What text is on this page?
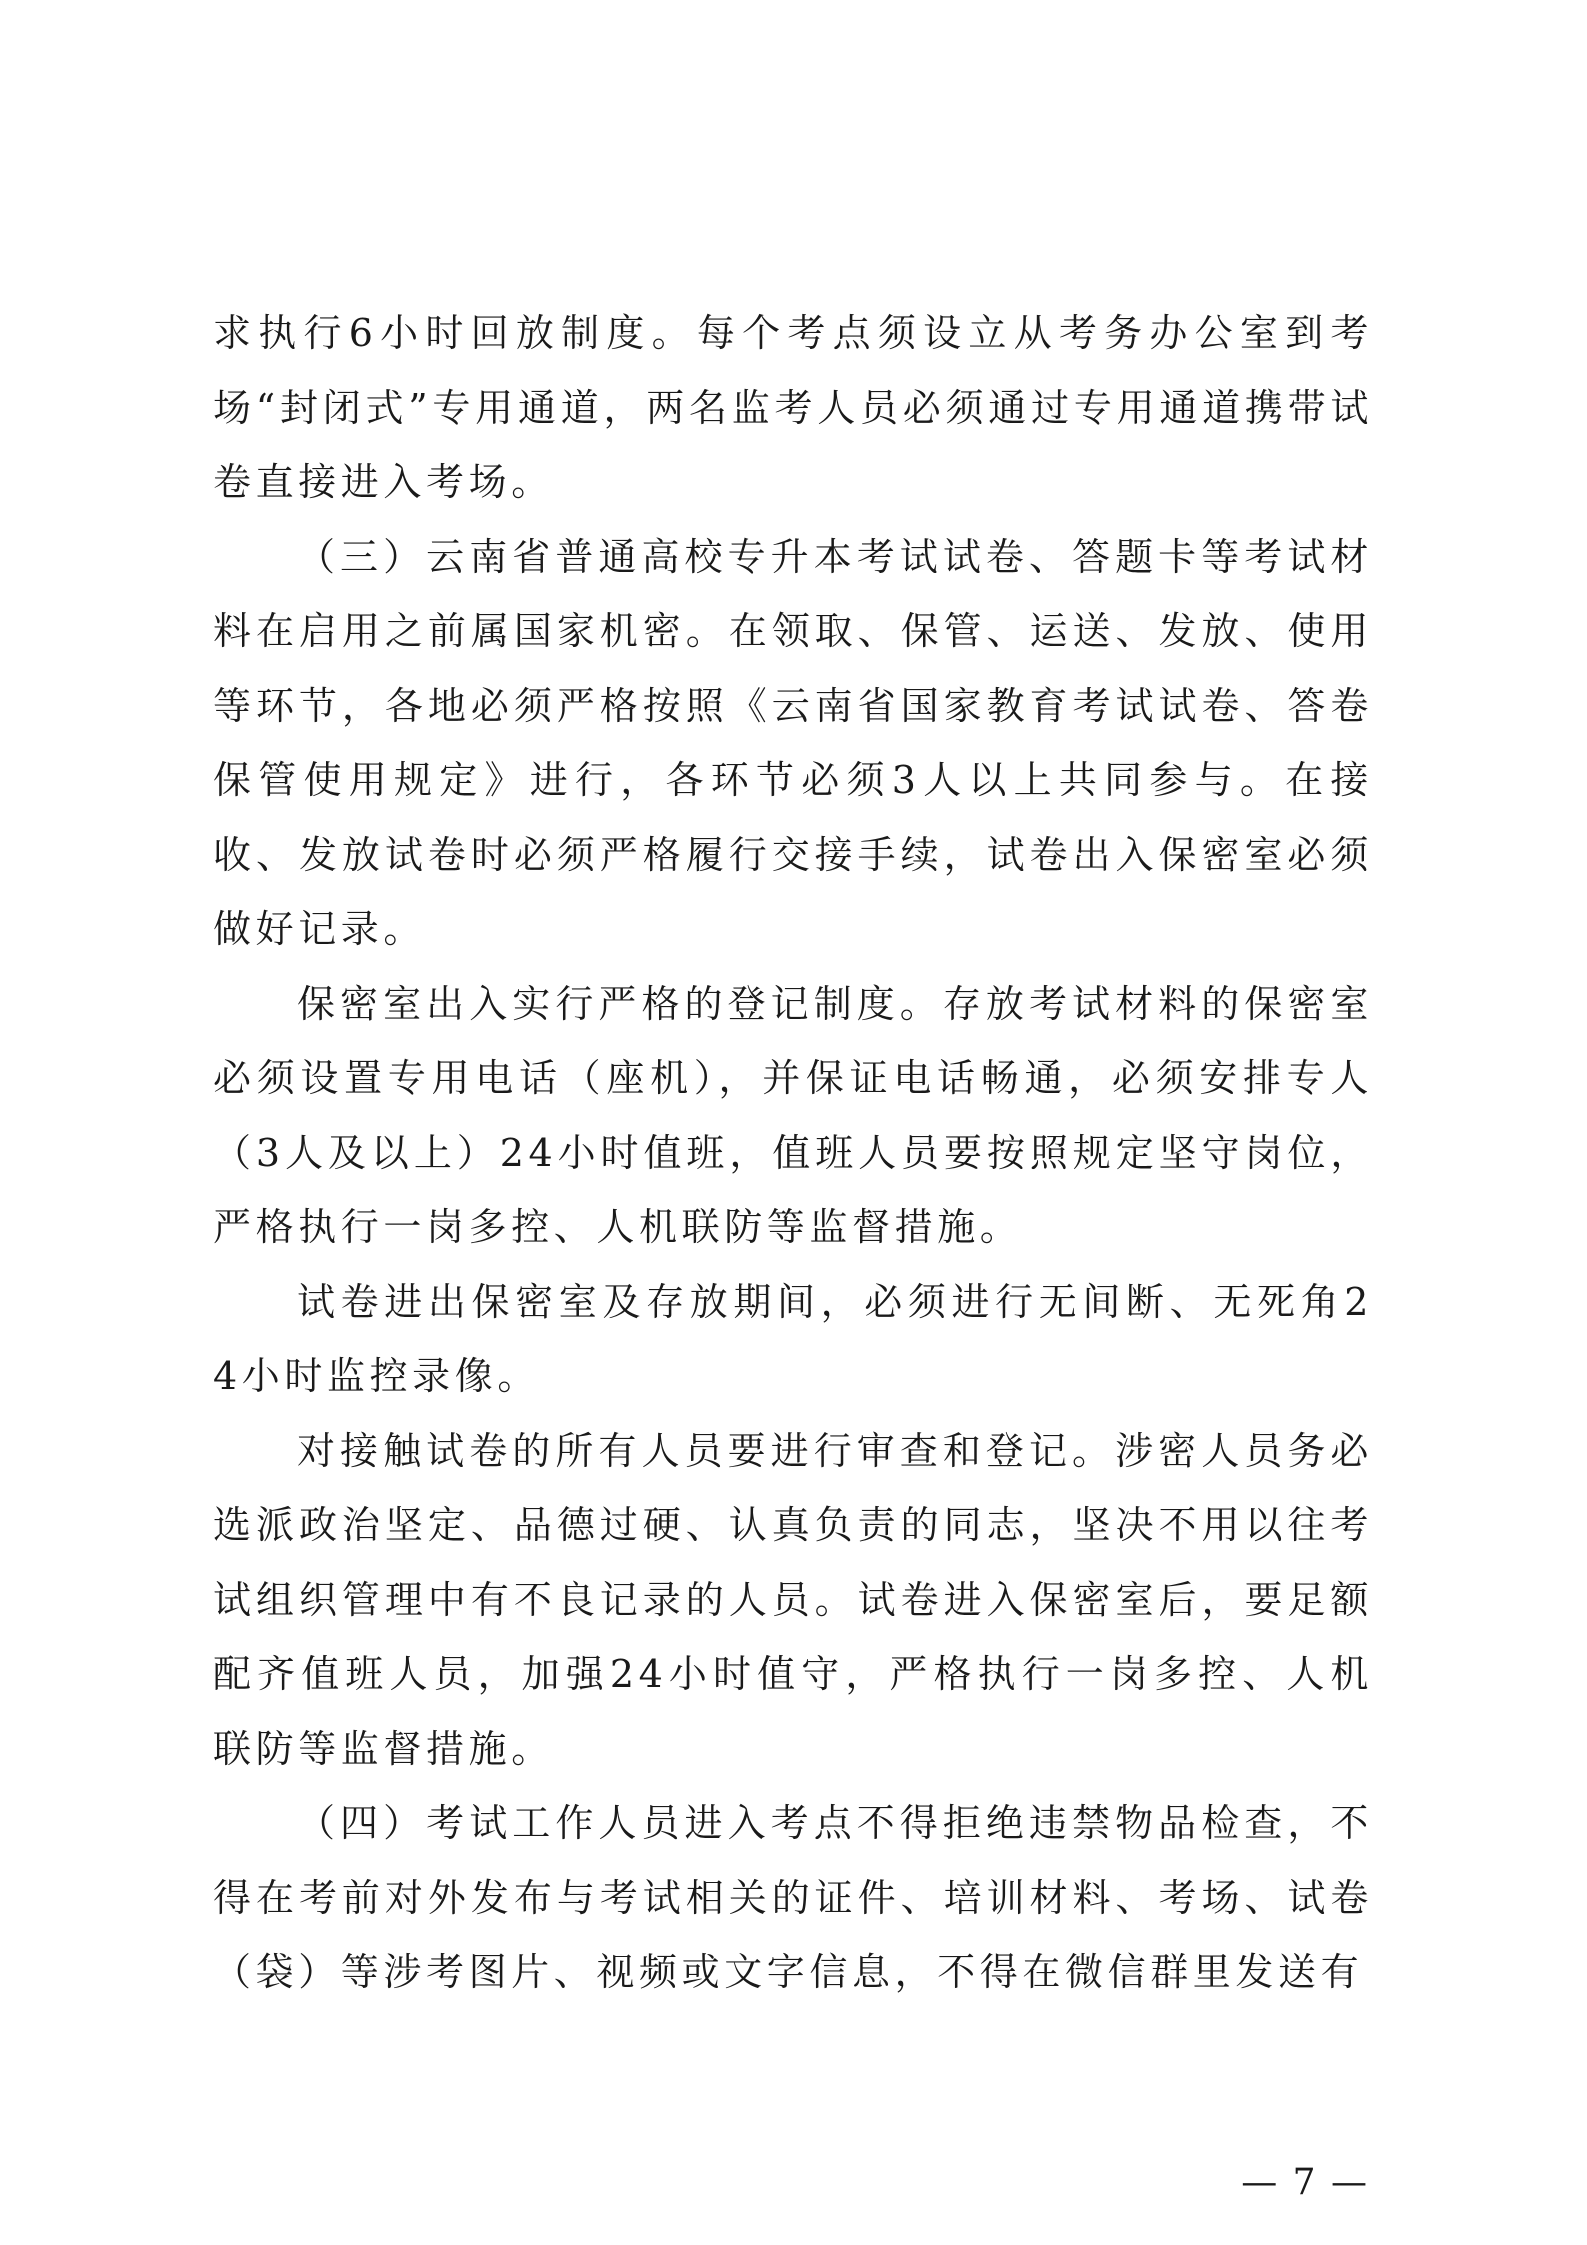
求执行6小时回放制度。每个考点须设立从考务办公室到考场“封闭式”专用通道，两名监考人员必须通过专用通道携带试卷直接进入考场。

（三）云南省普通高校专升本考试试卷、答题卡等考试材料在启用之前属国家机密。在领取、保管、运送、发放、使用等环节，各地必须严格按照《云南省国家教育考试试卷、答卷保管使用规定》进行，各环节必须3人以上共同参与。在接收、发放试卷时必须严格履行交接手续，试卷出入保密室必须做好记录。

保密室出入实行严格的登记制度。存放考试材料的保密室必须设置专用电话（座机），并保证电话畅通，必须安排专人（3人及以上）24小时值班，值班人员要按照规定坚守岗位，严格执行一岗多控、人机联防等监督措施。

试卷进出保密室及存放期间，必须进行无间断、无死角24小时监控录像。

对接触试卷的所有人员要进行审查和登记。涉密人员务必选派政治坚定、品德过硬、认真负责的同志，坚决不用以往考试组织管理中有不良记录的人员。试卷进入保密室后，要足额配齐值班人员，加强24小时值守，严格执行一岗多控、人机联防等监督措施。

（四）考试工作人员进入考点不得拒绝违禁物品检查，不得在考前对外发布与考试相关的证件、培训材料、考场、试卷（袋）等涉考图片、视频或文字信息，不得在微信群里发送有

— 7 —
